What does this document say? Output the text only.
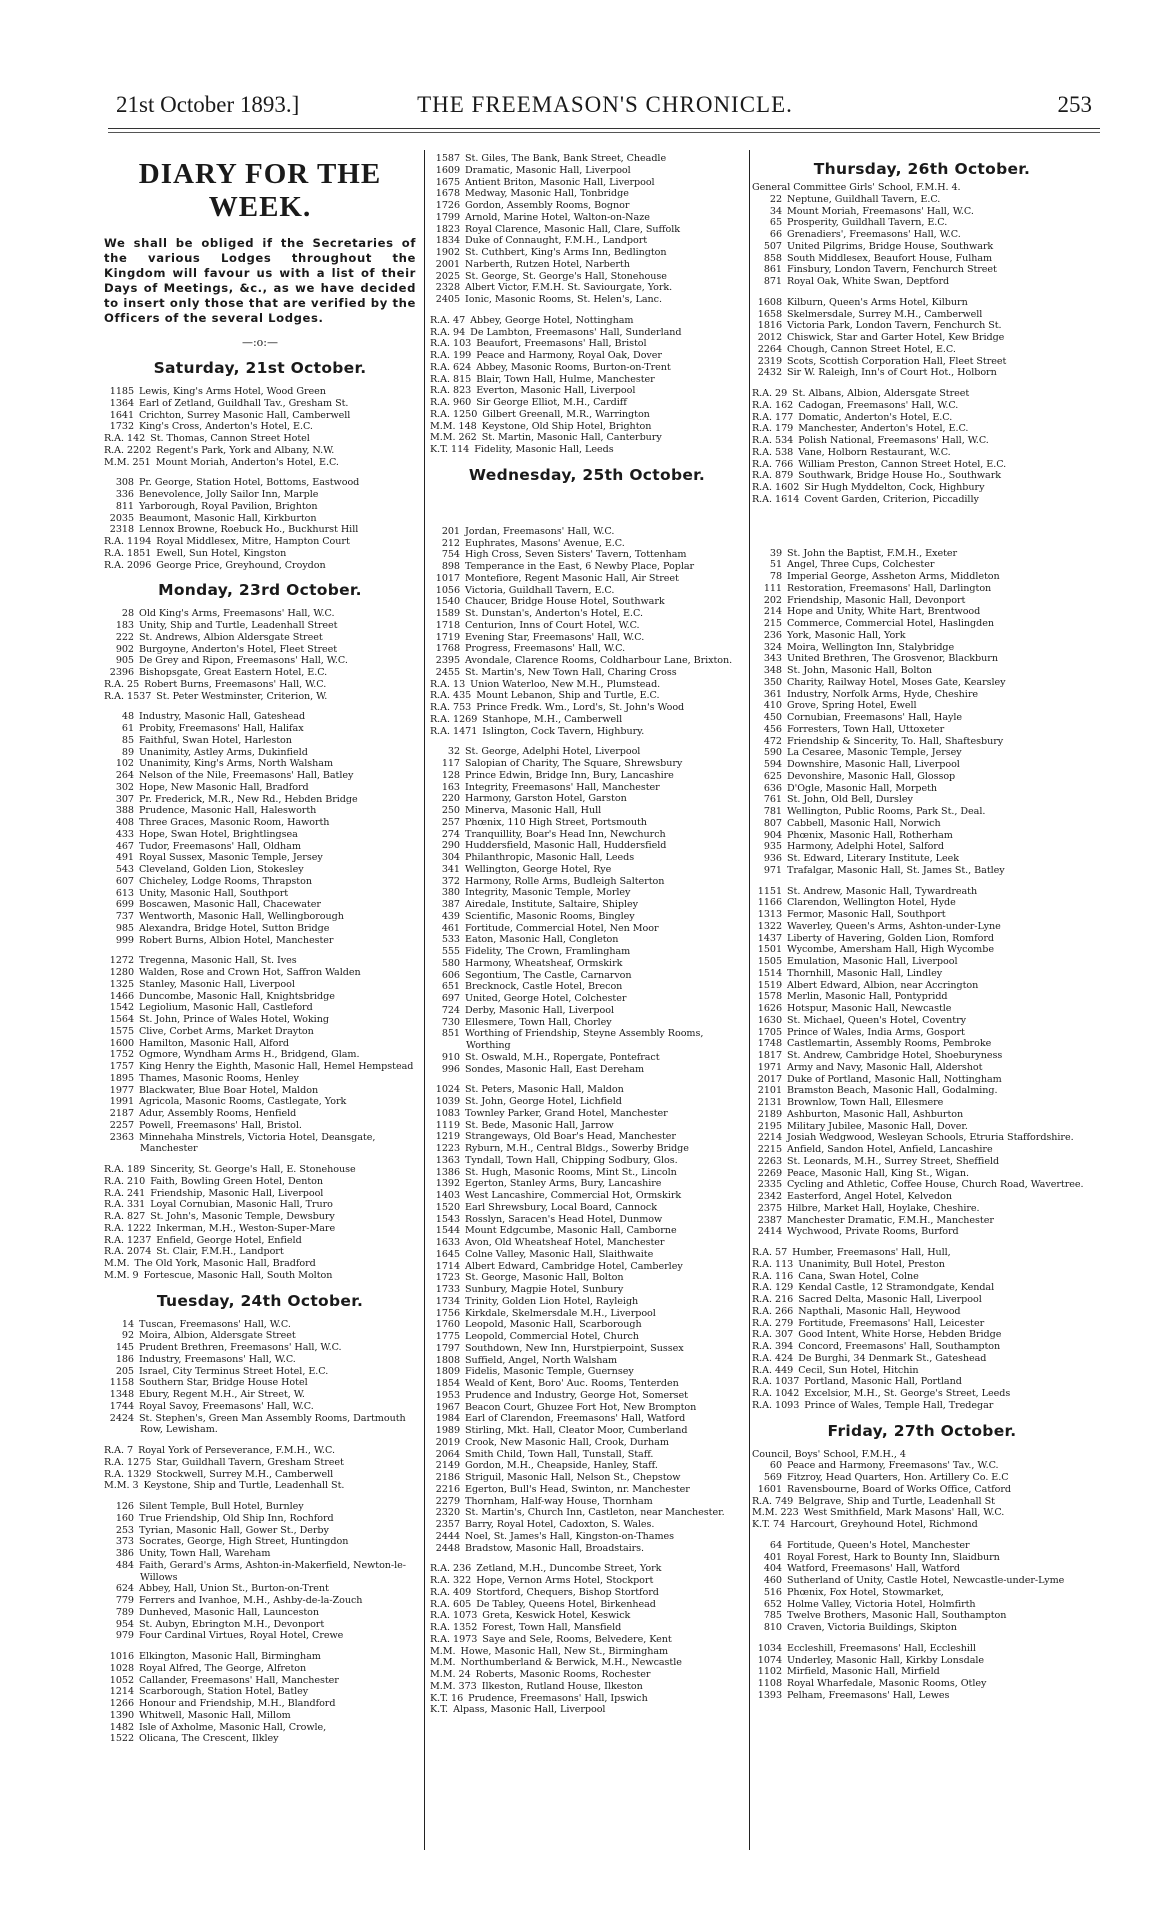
21st October 1893.]	THE FREEMASON'S CHRONICLE.	253
DIARY FOR THE WEEK.

We shall be obliged if the Secretaries of the various Lodges throughout the Kingdom will favour us with a list of their Days of Meetings, &c., as we have decided to insert only those that are verified by the Officers of the several Lodges.

—:o:—
Saturday, 21st October.
1185 Lewis, King's Arms Hotel, Wood Green
1364 Earl of Zetland, Guildhall Tav., Gresham St.
1641 Crichton, Surrey Masonic Hall, Camberwell
1732 King's Cross, Anderton's Hotel, E.C.
R.A. 142 St. Thomas, Cannon Street Hotel
R.A. 2202 Regent's Park, York and Albany, N.W.
M.M. 251 Mount Moriah, Anderton's Hotel, E.C.
308 Pr. George, Station Hotel, Bottoms, Eastwood
336 Benevolence, Jolly Sailor Inn, Marple
811 Yarborough, Royal Pavilion, Brighton
2035 Beaumont, Masonic Hall, Kirkburton
2318 Lennox Browne, Roebuck Ho., Buckhurst Hill
R.A. 1194 Royal Middlesex, Mitre, Hampton Court
R.A. 1851 Ewell, Sun Hotel, Kingston
R.A. 2096 George Price, Greyhound, Croydon
Monday, 23rd October.
28 Old King's Arms, Freemasons' Hall, W.C.
183 Unity, Ship and Turtle, Leadenhall Street
222 St. Andrews, Albion Aldersgate Street
902 Burgoyne, Anderton's Hotel, Fleet Street
905 De Grey and Ripon, Freemasons' Hall, W.C.
2396 Bishopsgate, Great Eastern Hotel, E.C.
R.A. 25 Robert Burns, Freemasons' Hall, W.C.
R.A. 1537 St. Peter Westminster, Criterion, W.
48 Industry, Masonic Hall, Gateshead
61 Probity, Freemasons' Hall, Halifax
85 Faithful, Swan Hotel, Harleston
89 Unanimity, Astley Arms, Dukinfield
102 Unanimity, King's Arms, North Walsham
264 Nelson of the Nile, Freemasons' Hall, Batley
302 Hope, New Masonic Hall, Bradford
307 Pr. Frederick, M.R., New Rd., Hebden Bridge
388 Prudence, Masonic Hall, Halesworth
408 Three Graces, Masonic Room, Haworth
433 Hope, Swan Hotel, Brightlingsea
467 Tudor, Freemasons' Hall, Oldham
491 Royal Sussex, Masonic Temple, Jersey
543 Cleveland, Golden Lion, Stokesley
607 Chicheley, Lodge Rooms, Thrapston
613 Unity, Masonic Hall, Southport
699 Boscawen, Masonic Hall, Chacewater
737 Wentworth, Masonic Hall, Wellingborough
985 Alexandra, Bridge Hotel, Sutton Bridge
999 Robert Burns, Albion Hotel, Manchester
1272 Tregenna, Masonic Hall, St. Ives
1280 Walden, Rose and Crown Hot, Saffron Walden
1325 Stanley, Masonic Hall, Liverpool
1466 Duncombe, Masonic Hall, Knightsbridge
1542 Legiolium, Masonic Hall, Castleford
1564 St. John, Prince of Wales Hotel, Woking
1575 Clive, Corbet Arms, Market Drayton
1600 Hamilton, Masonic Hall, Alford
1752 Ogmore, Wyndham Arms H., Bridgend, Glam.
1757 King Henry the Eighth, Masonic Hall, Hemel Hempstead
1895 Thames, Masonic Rooms, Henley
1977 Blackwater, Blue Boar Hotel, Maldon
1991 Agricola, Masonic Rooms, Castlegate, York
2187 Adur, Assembly Rooms, Henfield
2257 Powell, Freemasons' Hall, Bristol.
2363 Minnehaha Minstrels, Victoria Hotel, Deansgate, Manchester
R.A. 189 Sincerity, St. George's Hall, E. Stonehouse
R.A. 210 Faith, Bowling Green Hotel, Denton
R.A. 241 Friendship, Masonic Hall, Liverpool
R.A. 331 Loyal Cornubian, Masonic Hall, Truro
R.A. 827 St. John's, Masonic Temple, Dewsbury
R.A. 1222 Inkerman, M.H., Weston-Super-Mare
R.A. 1237 Enfield, George Hotel, Enfield
R.A. 2074 St. Clair, F.M.H., Landport
M.M. The Old York, Masonic Hall, Bradford
M.M. 9 Fortescue, Masonic Hall, South Molton
Tuesday, 24th October.
14 Tuscan, Freemasons' Hall, W.C.
92 Moira, Albion, Aldersgate Street
145 Prudent Brethren, Freemasons' Hall, W.C.
186 Industry, Freemasons' Hall, W.C.
205 Israel, City Terminus Street Hotel, E.C.
1158 Southern Star, Bridge House Hotel
1348 Ebury, Regent M.H., Air Street, W.
1744 Royal Savoy, Freemasons' Hall, W.C.
2424 St. Stephen's, Green Man Assembly Rooms, Dartmouth Row, Lewisham.
R.A. 7 Royal York of Perseverance, F.M.H., W.C.
R.A. 1275 Star, Guildhall Tavern, Gresham Street
R.A. 1329 Stockwell, Surrey M.H., Camberwell
M.M. 3 Keystone, Ship and Turtle, Leadenhall St.
126 Silent Temple, Bull Hotel, Burnley
160 True Friendship, Old Ship Inn, Rochford
253 Tyrian, Masonic Hall, Gower St., Derby
373 Socrates, George, High Street, Huntingdon
386 Unity, Town Hall, Wareham
484 Faith, Gerard's Arms, Ashton-in-Makerfield, Newton-le-Willows
624 Abbey, Hall, Union St., Burton-on-Trent
779 Ferrers and Ivanhoe, M.H., Ashby-de-la-Zouch
789 Dunheved, Masonic Hall, Launceston
954 St. Aubyn, Ebrington M.H., Devonport
979 Four Cardinal Virtues, Royal Hotel, Crewe
1016 Elkington, Masonic Hall, Birmingham
1028 Royal Alfred, The George, Alfreton
1052 Callander, Freemasons' Hall, Manchester
1214 Scarborough, Station Hotel, Batley
1266 Honour and Friendship, M.H., Blandford
1390 Whitwell, Masonic Hall, Millom
1482 Isle of Axholme, Masonic Hall, Crowle,
1522 Olicana, The Crescent, Ilkley
1587 St. Giles, The Bank, Bank Street, Cheadle
1609 Dramatic, Masonic Hall, Liverpool
1675 Antient Briton, Masonic Hall, Liverpool
1678 Medway, Masonic Hall, Tonbridge
1726 Gordon, Assembly Rooms, Bognor
1799 Arnold, Marine Hotel, Walton-on-Naze
1823 Royal Clarence, Masonic Hall, Clare, Suffolk
1834 Duke of Connaught, F.M.H., Landport
1902 St. Cuthbert, King's Arms Inn, Bedlington
2001 Narberth, Rutzen Hotel, Narberth
2025 St. George, St. George's Hall, Stonehouse
2328 Albert Victor, F.M.H. St. Saviourgate, York.
2405 Ionic, Masonic Rooms, St. Helen's, Lanc.
R.A. 47 Abbey, George Hotel, Nottingham
R.A. 94 De Lambton, Freemasons' Hall, Sunderland
R.A. 103 Beaufort, Freemasons' Hall, Bristol
R.A. 199 Peace and Harmony, Royal Oak, Dover
R.A. 624 Abbey, Masonic Rooms, Burton-on-Trent
R.A. 815 Blair, Town Hall, Hulme, Manchester
R.A. 823 Everton, Masonic Hall, Liverpool
R.A. 960 Sir George Elliot, M.H., Cardiff
R.A. 1250 Gilbert Greenall, M.R., Warrington
M.M. 148 Keystone, Old Ship Hotel, Brighton
M.M. 262 St. Martin, Masonic Hall, Canterbury
K.T. 114 Fidelity, Masonic Hall, Leeds
Wednesday, 25th October.
201 Jordan, Freemasons' Hall, W.C.
212 Euphrates, Masons' Avenue, E.C.
754 High Cross, Seven Sisters' Tavern, Tottenham
898 Temperance in the East, 6 Newby Place, Poplar
1017 Montefiore, Regent Masonic Hall, Air Street
1056 Victoria, Guildhall Tavern, E.C.
1540 Chaucer, Bridge House Hotel, Southwark
1589 St. Dunstan's, Anderton's Hotel, E.C.
1718 Centurion, Inns of Court Hotel, W.C.
1719 Evening Star, Freemasons' Hall, W.C.
1768 Progress, Freemasons' Hall, W.C.
2395 Avondale, Clarence Rooms, Coldharbour Lane, Brixton.
2455 St. Martin's, New Town Hall, Charing Cross
R.A. 13 Union Waterloo, New M.H., Plumstead.
R.A. 435 Mount Lebanon, Ship and Turtle, E.C.
R.A. 753 Prince Fredk. Wm., Lord's, St. John's Wood
R.A. 1269 Stanhope, M.H., Camberwell
R.A. 1471 Islington, Cock Tavern, Highbury.
32 St. George, Adelphi Hotel, Liverpool
117 Salopian of Charity, The Square, Shrewsbury
128 Prince Edwin, Bridge Inn, Bury, Lancashire
163 Integrity, Freemasons' Hall, Manchester
220 Harmony, Garston Hotel, Garston
250 Minerva, Masonic Hall, Hull
257 Phœnix, 110 High Street, Portsmouth
274 Tranquillity, Boar's Head Inn, Newchurch
290 Huddersfield, Masonic Hall, Huddersfield
304 Philanthropic, Masonic Hall, Leeds
341 Wellington, George Hotel, Rye
372 Harmony, Rolle Arms, Budleigh Salterton
380 Integrity, Masonic Temple, Morley
387 Airedale, Institute, Saltaire, Shipley
439 Scientific, Masonic Rooms, Bingley
461 Fortitude, Commercial Hotel, Nen Moor
533 Eaton, Masonic Hall, Congleton
555 Fidelity, The Crown, Framlingham
580 Harmony, Wheatsheaf, Ormskirk
606 Segontium, The Castle, Carnarvon
651 Brecknock, Castle Hotel, Brecon
697 United, George Hotel, Colchester
724 Derby, Masonic Hall, Liverpool
730 Ellesmere, Town Hall, Chorley
851 Worthing of Friendship, Steyne Assembly Rooms, Worthing
910 St. Oswald, M.H., Ropergate, Pontefract
996 Sondes, Masonic Hall, East Dereham
1024 St. Peters, Masonic Hall, Maldon
1039 St. John, George Hotel, Lichfield
1083 Townley Parker, Grand Hotel, Manchester
1119 St. Bede, Masonic Hall, Jarrow
1219 Strangeways, Old Boar's Head, Manchester
1223 Ryburn, M.H., Central Bldgs., Sowerby Bridge
1363 Tyndall, Town Hall, Chipping Sodbury, Glos.
1386 St. Hugh, Masonic Rooms, Mint St., Lincoln
1392 Egerton, Stanley Arms, Bury, Lancashire
1403 West Lancashire, Commercial Hot, Ormskirk
1520 Earl Shrewsbury, Local Board, Cannock
1543 Rosslyn, Saracen's Head Hotel, Dunmow
1544 Mount Edgcumbe, Masonic Hall, Camborne
1633 Avon, Old Wheatsheaf Hotel, Manchester
1645 Colne Valley, Masonic Hall, Slaithwaite
1714 Albert Edward, Cambridge Hotel, Camberley
1723 St. George, Masonic Hall, Bolton
1733 Sunbury, Magpie Hotel, Sunbury
1734 Trinity, Golden Lion Hotel, Rayleigh
1756 Kirkdale, Skelmersdale M.H., Liverpool
1760 Leopold, Masonic Hall, Scarborough
1775 Leopold, Commercial Hotel, Church
1797 Southdown, New Inn, Hurstpierpoint, Sussex
1808 Suffield, Angel, North Walsham
1809 Fidelis, Masonic Temple, Guernsey
1854 Weald of Kent, Boro' Auc. Rooms, Tenterden
1953 Prudence and Industry, George Hot, Somerset
1967 Beacon Court, Ghuzee Fort Hot, New Brompton
1984 Earl of Clarendon, Freemasons' Hall, Watford
1989 Stirling, Mkt. Hall, Cleator Moor, Cumberland
2019 Crook, New Masonic Hall, Crook, Durham
2064 Smith Child, Town Hall, Tunstall, Staff.
2149 Gordon, M.H., Cheapside, Hanley, Staff.
2186 Striguil, Masonic Hall, Nelson St., Chepstow
2216 Egerton, Bull's Head, Swinton, nr. Manchester
2279 Thornham, Half-way House, Thornham
2320 St. Martin's, Church Inn, Castleton, near Manchester.
2357 Barry, Royal Hotel, Cadoxton, S. Wales.
2444 Noel, St. James's Hall, Kingston-on-Thames
2448 Bradstow, Masonic Hall, Broadstairs.
R.A. 236 Zetland, M.H., Duncombe Street, York
R.A. 322 Hope, Vernon Arms Hotel, Stockport
R.A. 409 Stortford, Chequers, Bishop Stortford
R.A. 605 De Tabley, Queens Hotel, Birkenhead
R.A. 1073 Greta, Keswick Hotel, Keswick
R.A. 1352 Forest, Town Hall, Mansfield
R.A. 1973 Saye and Sele, Rooms, Belvedere, Kent
M.M. Howe, Masonic Hall, New St., Birmingham
M.M. Northumberland & Berwick, M.H., Newcastle
M.M. 24 Roberts, Masonic Rooms, Rochester
M.M. 373 Ilkeston, Rutland House, Ilkeston
K.T. 16 Prudence, Freemasons' Hall, Ipswich
K.T. Alpass, Masonic Hall, Liverpool
Thursday, 26th October.
General Committee Girls' School, F.M.H. 4.
22 Neptune, Guildhall Tavern, E.C.
34 Mount Moriah, Freemasons' Hall, W.C.
65 Prosperity, Guildhall Tavern, E.C.
66 Grenadiers', Freemasons' Hall, W.C.
507 United Pilgrims, Bridge House, Southwark
858 South Middlesex, Beaufort House, Fulham
861 Finsbury, London Tavern, Fenchurch Street
871 Royal Oak, White Swan, Deptford
1608 Kilburn, Queen's Arms Hotel, Kilburn
1658 Skelmersdale, Surrey M.H., Camberwell
1816 Victoria Park, London Tavern, Fenchurch St.
2012 Chiswick, Star and Garter Hotel, Kew Bridge
2264 Chough, Cannon Street Hotel, E.C.
2319 Scots, Scottish Corporation Hall, Fleet Street
2432 Sir W. Raleigh, Inn's of Court Hot., Holborn
R.A. 29 St. Albans, Albion, Aldersgate Street
R.A. 162 Cadogan, Freemasons' Hall, W.C.
R.A. 177 Domatic, Anderton's Hotel, E.C.
R.A. 179 Manchester, Anderton's Hotel, E.C.
R.A. 534 Polish National, Freemasons' Hall, W.C.
R.A. 538 Vane, Holborn Restaurant, W.C.
R.A. 766 William Preston, Cannon Street Hotel, E.C.
R.A. 879 Southwark, Bridge House Ho., Southwark
R.A. 1602 Sir Hugh Myddelton, Cock, Highbury
R.A. 1614 Covent Garden, Criterion, Piccadilly
39 St. John the Baptist, F.M.H., Exeter
51 Angel, Three Cups, Colchester
78 Imperial George, Assheton Arms, Middleton
111 Restoration, Freemasons' Hall, Darlington
202 Friendship, Masonic Hall, Devonport
214 Hope and Unity, White Hart, Brentwood
215 Commerce, Commercial Hotel, Haslingden
236 York, Masonic Hall, York
324 Moira, Wellington Inn, Stalybridge
343 United Brethren, The Grosvenor, Blackburn
348 St. John, Masonic Hall, Bolton
350 Charity, Railway Hotel, Moses Gate, Kearsley
361 Industry, Norfolk Arms, Hyde, Cheshire
410 Grove, Spring Hotel, Ewell
450 Cornubian, Freemasons' Hall, Hayle
456 Forresters, Town Hall, Uttoxeter
472 Friendship & Sincerity, To. Hall, Shaftesbury
590 La Cesaree, Masonic Temple, Jersey
594 Downshire, Masonic Hall, Liverpool
625 Devonshire, Masonic Hall, Glossop
636 D'Ogle, Masonic Hall, Morpeth
761 St. John, Old Bell, Dursley
781 Wellington, Public Rooms, Park St., Deal.
807 Cabbell, Masonic Hall, Norwich
904 Phœnix, Masonic Hall, Rotherham
935 Harmony, Adelphi Hotel, Salford
936 St. Edward, Literary Institute, Leek
971 Trafalgar, Masonic Hall, St. James St., Batley
1151 St. Andrew, Masonic Hall, Tywardreath
1166 Clarendon, Wellington Hotel, Hyde
1313 Fermor, Masonic Hall, Southport
1322 Waverley, Queen's Arms, Ashton-under-Lyne
1437 Liberty of Havering, Golden Lion, Romford
1501 Wycombe, Amersham Hall, High Wycombe
1505 Emulation, Masonic Hall, Liverpool
1514 Thornhill, Masonic Hall, Lindley
1519 Albert Edward, Albion, near Accrington
1578 Merlin, Masonic Hall, Pontypridd
1626 Hotspur, Masonic Hall, Newcastle
1630 St. Michael, Queen's Hotel, Coventry
1705 Prince of Wales, India Arms, Gosport
1748 Castlemartin, Assembly Rooms, Pembroke
1817 St. Andrew, Cambridge Hotel, Shoeburyness
1971 Army and Navy, Masonic Hall, Aldershot
2017 Duke of Portland, Masonic Hall, Nottingham
2101 Bramston Beach, Masonic Hall, Godalming.
2131 Brownlow, Town Hall, Ellesmere
2189 Ashburton, Masonic Hall, Ashburton
2195 Military Jubilee, Masonic Hall, Dover.
2214 Josiah Wedgwood, Wesleyan Schools, Etruria Staffordshire.
2215 Anfield, Sandon Hotel, Anfield, Lancashire
2263 St. Leonards, M.H., Surrey Street, Sheffield
2269 Peace, Masonic Hall, King St., Wigan.
2335 Cycling and Athletic, Coffee House, Church Road, Wavertree.
2342 Easterford, Angel Hotel, Kelvedon
2375 Hilbre, Market Hall, Hoylake, Cheshire.
2387 Manchester Dramatic, F.M.H., Manchester
2414 Wychwood, Private Rooms, Burford
R.A. 57 Humber, Freemasons' Hall, Hull,
R.A. 113 Unanimity, Bull Hotel, Preston
R.A. 116 Cana, Swan Hotel, Colne
R.A. 129 Kendal Castle, 12 Stramondgate, Kendal
R.A. 216 Sacred Delta, Masonic Hall, Liverpool
R.A. 266 Napthali, Masonic Hall, Heywood
R.A. 279 Fortitude, Freemasons' Hall, Leicester
R.A. 307 Good Intent, White Horse, Hebden Bridge
R.A. 394 Concord, Freemasons' Hall, Southampton
R.A. 424 De Burghi, 34 Denmark St., Gateshead
R.A. 449 Cecil, Sun Hotel, Hitchin
R.A. 1037 Portland, Masonic Hall, Portland
R.A. 1042 Excelsior, M.H., St. George's Street, Leeds
R.A. 1093 Prince of Wales, Temple Hall, Tredegar
Friday, 27th October.
Council, Boys' School, F.M.H., 4
60 Peace and Harmony, Freemasons' Tav., W.C.
569 Fitzroy, Head Quarters, Hon. Artillery Co. E.C
1601 Ravensbourne, Board of Works Office, Catford
R.A. 749 Belgrave, Ship and Turtle, Leadenhall St
M.M. 223 West Smithfield, Mark Masons' Hall, W.C.
K.T. 74 Harcourt, Greyhound Hotel, Richmond
64 Fortitude, Queen's Hotel, Manchester
401 Royal Forest, Hark to Bounty Inn, Slaidburn
404 Watford, Freemasons' Hall, Watford
460 Sutherland of Unity, Castle Hotel, Newcastle-under-Lyme
516 Phœnix, Fox Hotel, Stowmarket,
652 Holme Valley, Victoria Hotel, Holmfirth
785 Twelve Brothers, Masonic Hall, Southampton
810 Craven, Victoria Buildings, Skipton
1034 Eccleshill, Freemasons' Hall, Eccleshill
1074 Underley, Masonic Hall, Kirkby Lonsdale
1102 Mirfield, Masonic Hall, Mirfield
1108 Royal Wharfedale, Masonic Rooms, Otley
1393 Pelham, Freemasons' Hall, Lewes
